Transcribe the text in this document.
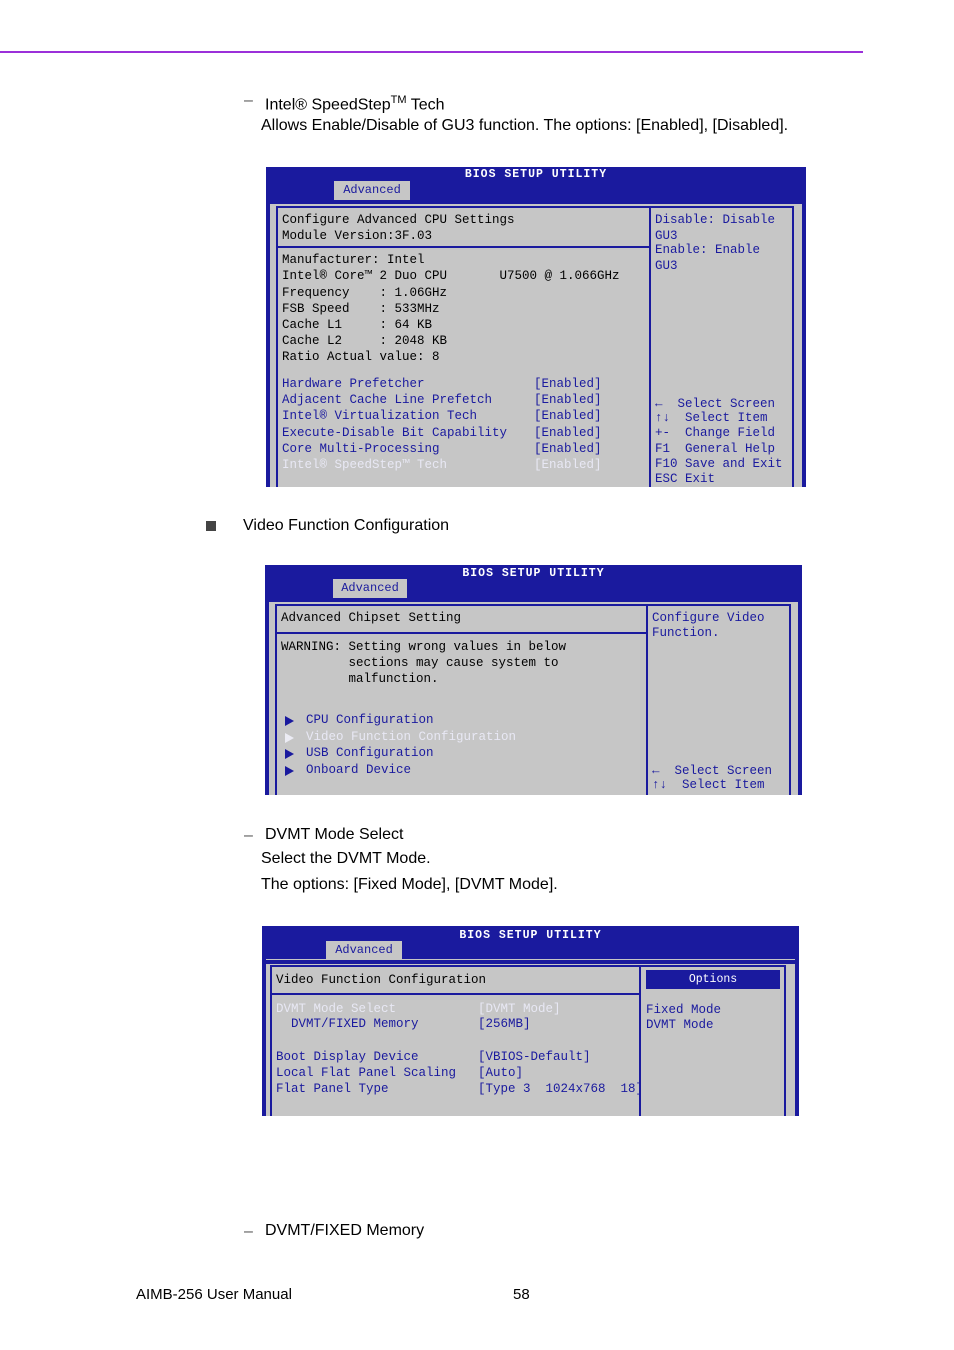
– Intel® SpeedStep™ Tech
Allows Enable/Disable of GU3 function. The options: [Enabled], [Disabled].
BIOS SETUP UTILITY
Advanced
Configure Advanced CPU Settings
Module Version:3F.03
Manufacturer: Intel
Intel® Core™ 2 Duo CPU       U7500 @ 1.066GHz
Frequency    : 1.06GHz
FSB Speed    : 533MHz
Cache L1     : 64 KB
Cache L2     : 2048 KB
Ratio Actual value: 8
Hardware Prefetcher	[Enabled]
Adjacent Cache Line Prefetch	[Enabled]
Intel® Virtualization Tech	[Enabled]
Execute-Disable Bit Capability [Enabled]
Core Multi-Processing	[Enabled]
Intel® SpeedStep™ Tech	[Enabled]
Disable: Disable
GU3
Enable: Enable
GU3
←  Select Screen
↑↓  Select Item
+-  Change Field
F1  General Help
F10 Save and Exit
ESC Exit
Video Function Configuration
BIOS SETUP UTILITY
Advanced
Advanced Chipset Setting
WARNING: Setting wrong values in below
sections may cause system to
malfunction.
CPU Configuration
Video Function Configuration
USB Configuration
Onboard Device
Configure Video
Function.
←  Select Screen
↑↓  Select Item
– DVMT Mode Select
Select the DVMT Mode.
The options: [Fixed Mode], [DVMT Mode].
BIOS SETUP UTILITY
Advanced
Video Function Configuration	Options
DVMT Mode Select	[DVMT Mode]
DVMT/FIXED Memory	[256MB]
Boot Display Device	[VBIOS-Default]
Local Flat Panel Scaling [Auto]
Flat Panel Type	[Type 3  1024x768  18]
Fixed Mode
DVMT Mode
– DVMT/FIXED Memory
AIMB-256 User Manual	58
